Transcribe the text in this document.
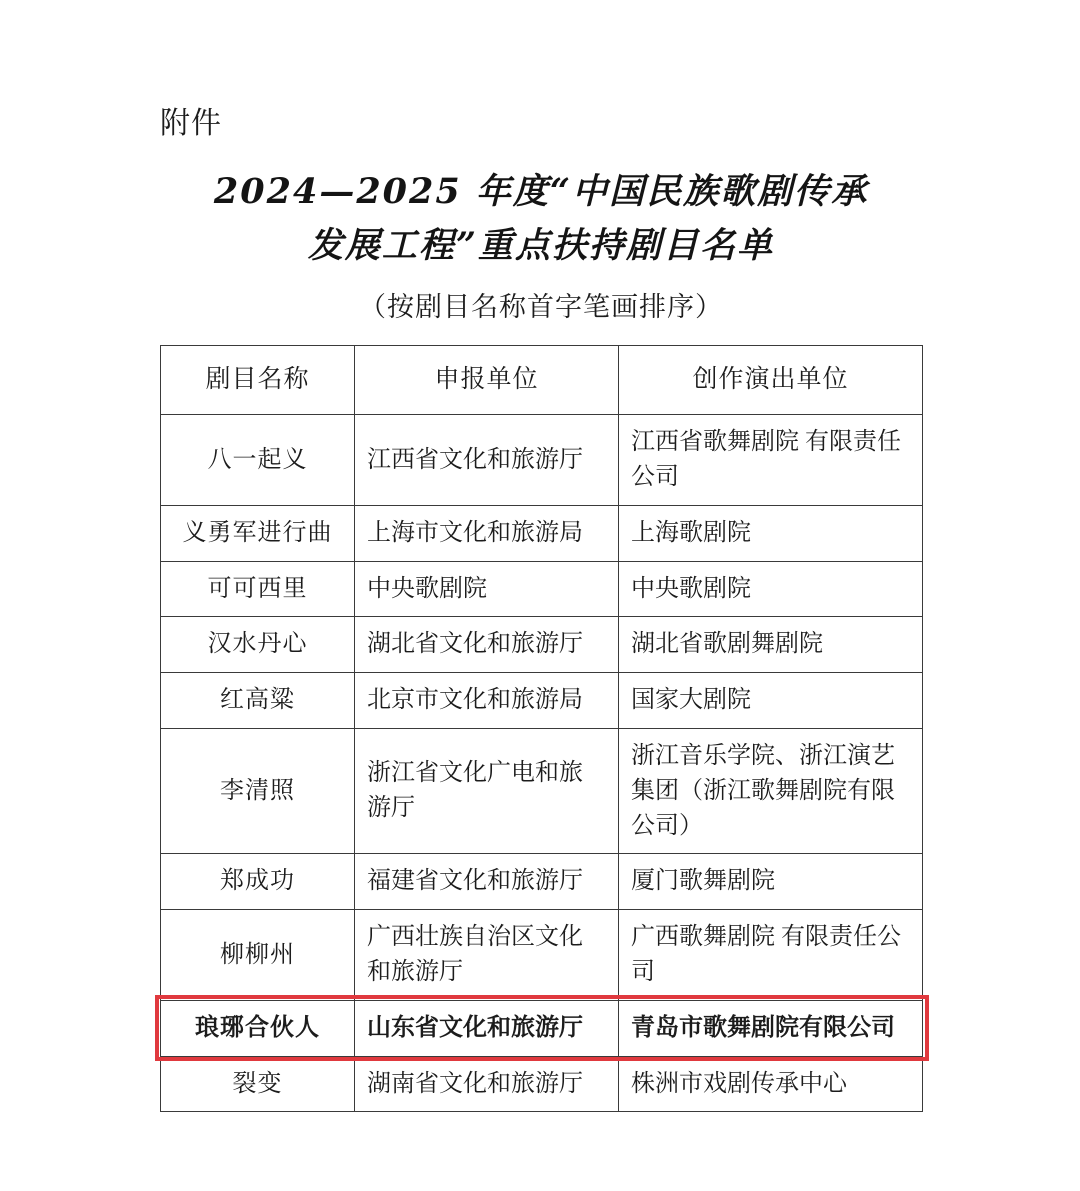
附件
2024—2025 年度“中国民族歌剧传承
发展工程”重点扶持剧目名单
（按剧目名称首字笔画排序）
剧目名称	申报单位	创作演出单位
八一起义	江西省文化和旅游厅	江西省歌舞剧院 有限责任公司
义勇军进行曲	上海市文化和旅游局	上海歌剧院
可可西里	中央歌剧院	中央歌剧院
汉水丹心	湖北省文化和旅游厅	湖北省歌剧舞剧院
红高粱	北京市文化和旅游局	国家大剧院
李清照	浙江省文化广电和旅游厅	浙江音乐学院、浙江演艺集团（浙江歌舞剧院有限公司）
郑成功	福建省文化和旅游厅	厦门歌舞剧院
柳柳州	广西壮族自治区文化和旅游厅	广西歌舞剧院 有限责任公司
琅琊合伙人	山东省文化和旅游厅	青岛市歌舞剧院有限公司
裂变	湖南省文化和旅游厅	株洲市戏剧传承中心
